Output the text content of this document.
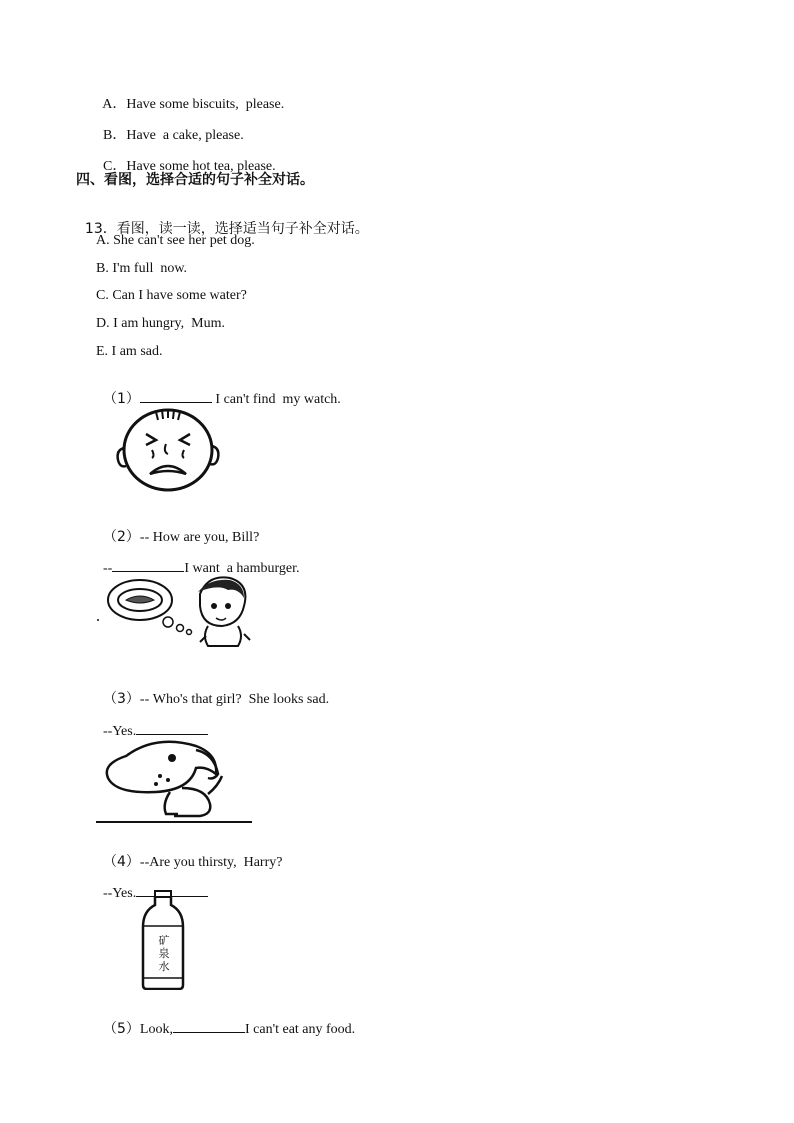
A．Have some biscuits,  please.

B．Have  a cake, please.

C．Have some hot tea, please.

四、看图，选择合适的句子补全对话。

13．看图，读一读，选择适当句子补全对话。

A. She can't see her pet dog.
B. I'm full  now.
C. Can I have some water?
D. I am hungry,  Mum.
E. I am sad.

（1）	I can't find  my watch.

（2）-- How are you, Bill?

--	I want  a hamburger.

（3）-- Who's that girl?  She looks sad.

--Yes.

（4）--Are you thirsty,  Harry?

--Yes.

矿泉水

（5）Look,	I can't eat any food.
